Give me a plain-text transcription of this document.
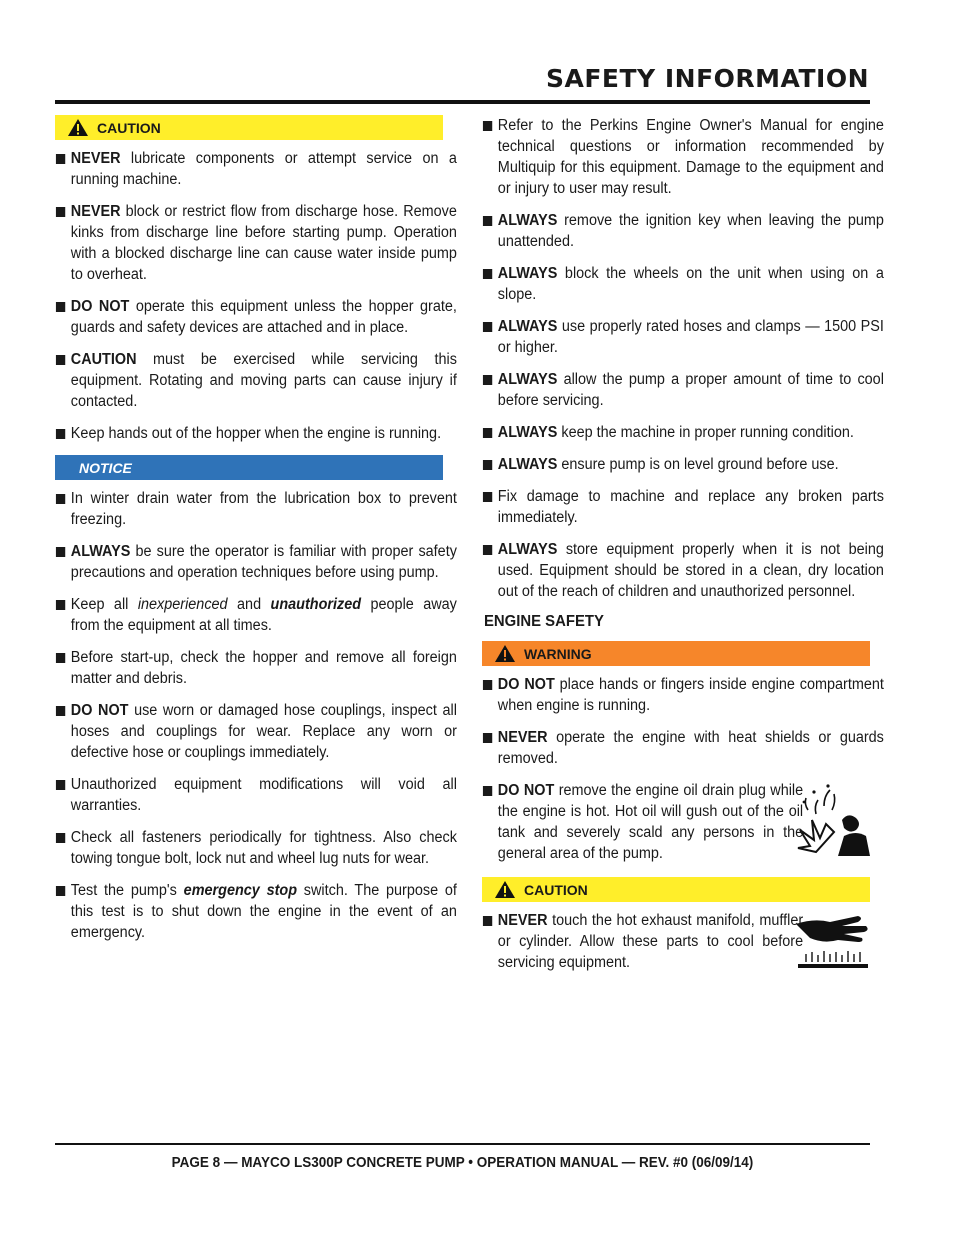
SAFETY INFORMATION
CAUTION
NEVER lubricate components or attempt service on a running machine.
NEVER block or restrict flow from discharge hose. Remove kinks from discharge line before starting pump. Operation with a blocked discharge line can cause water inside pump to overheat.
DO NOT operate this equipment unless the hopper grate, guards and safety devices are attached and in place.
CAUTION must be exercised while servicing this equipment. Rotating and moving parts can cause injury if contacted.
Keep hands out of the hopper when the engine is running.
NOTICE
In winter drain water from the lubrication box to prevent freezing.
ALWAYS be sure the operator is familiar with proper safety precautions and operation techniques before using pump.
Keep all inexperienced and unauthorized people away from the equipment at all times.
Before start-up, check the hopper and remove all foreign matter and debris.
DO NOT use worn or damaged hose couplings, inspect all hoses and couplings for wear. Replace any worn or defective hose or couplings immediately.
Unauthorized equipment modifications will void all warranties.
Check all fasteners periodically for tightness. Also check towing tongue bolt, lock nut and wheel lug nuts for wear.
Test the pump's emergency stop switch. The purpose of this test is to shut down the engine in the event of an emergency.
Refer to the Perkins Engine Owner's Manual for engine technical questions or information recommended by Multiquip for this equipment. Damage to the equipment and or injury to user may result.
ALWAYS remove the ignition key when leaving the pump unattended.
ALWAYS block the wheels on the unit when using on a slope.
ALWAYS use properly rated hoses and clamps — 1500 PSI or higher.
ALWAYS allow the pump a proper amount of time to cool before servicing.
ALWAYS keep the machine in proper running condition.
ALWAYS ensure pump is on level ground before use.
Fix damage to machine and replace any broken parts immediately.
ALWAYS store equipment properly when it is not being used. Equipment should be stored in a clean, dry location out of the reach of children and unauthorized personnel.
ENGINE SAFETY
WARNING
DO NOT place hands or fingers inside engine compartment when engine is running.
NEVER operate the engine with heat shields or guards removed.
DO NOT remove the engine oil drain plug while the engine is hot. Hot oil will gush out of the oil tank and severely scald any persons in the general area of the pump.
CAUTION
NEVER touch the hot exhaust manifold, muffler or cylinder. Allow these parts to cool before servicing equipment.
PAGE 8 — MAYCO LS300P CONCRETE PUMP • OPERATION MANUAL — REV. #0 (06/09/14)
